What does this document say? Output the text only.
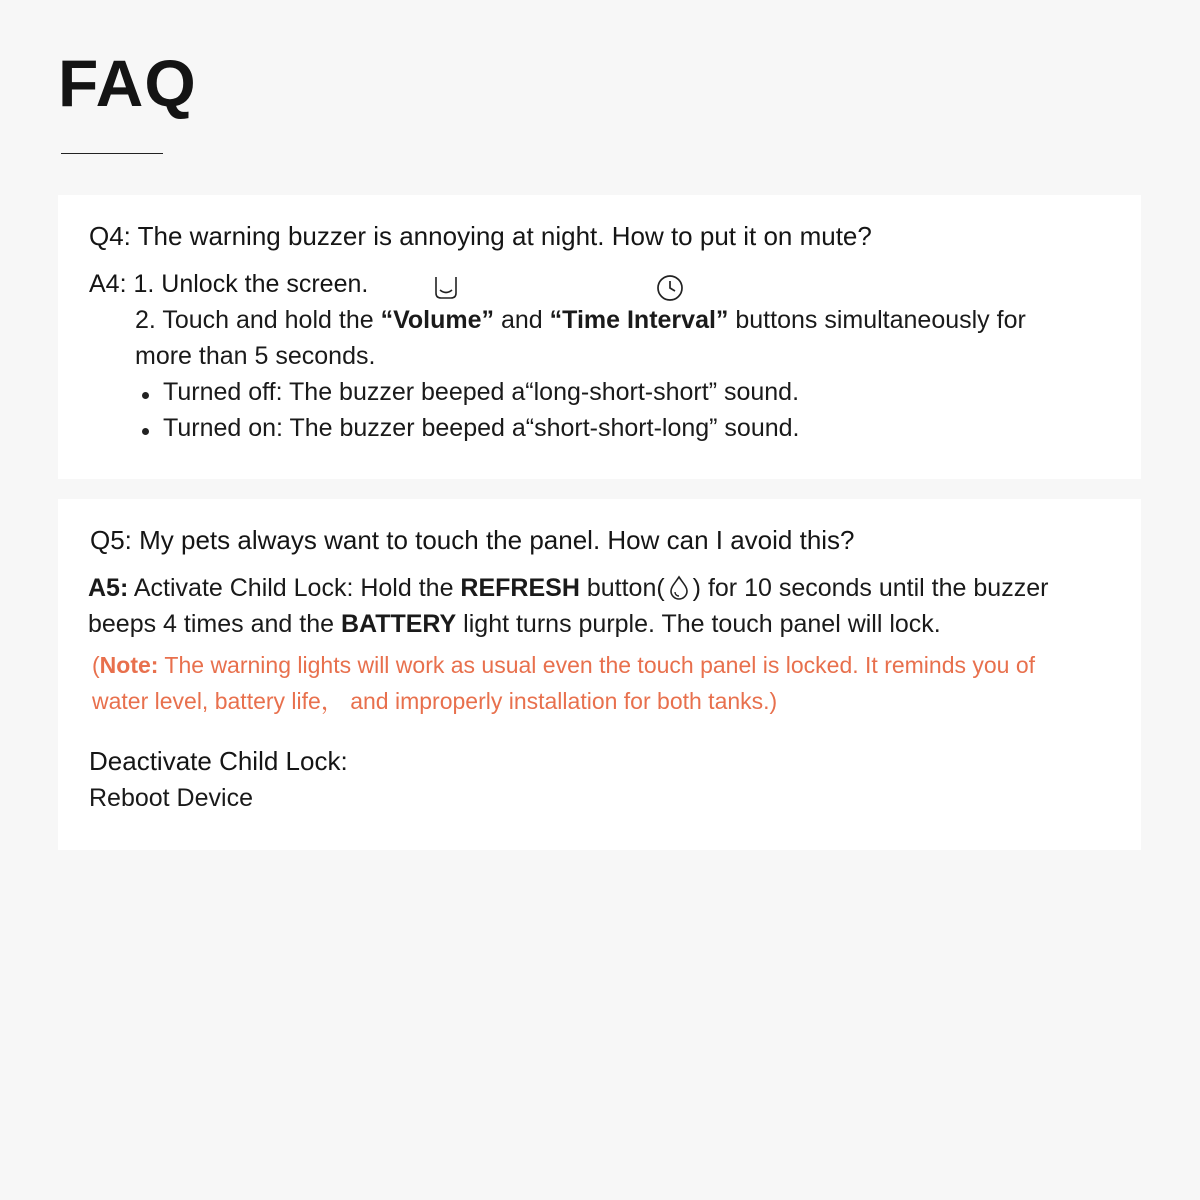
FAQ
Q4: The warning buzzer is annoying at night. How to put it on mute?
A4: 1. Unlock the screen.
2. Touch and hold the “Volume” and “Time Interval” buttons simultaneously for
more than 5 seconds.
Turned off: The buzzer beeped a“long-short-short” sound.
Turned on: The buzzer beeped a“short-short-long” sound.
Q5: My pets always want to touch the panel. How can I avoid this?
A5: Activate Child Lock: Hold the REFRESH button( ) for 10 seconds until the buzzer
beeps 4 times and the BATTERY light turns purple. The touch panel will lock.
(Note: The warning lights will work as usual even the touch panel is locked. It reminds you of
water level, battery life， and improperly installation for both tanks.)
Deactivate Child Lock:
Reboot Device
